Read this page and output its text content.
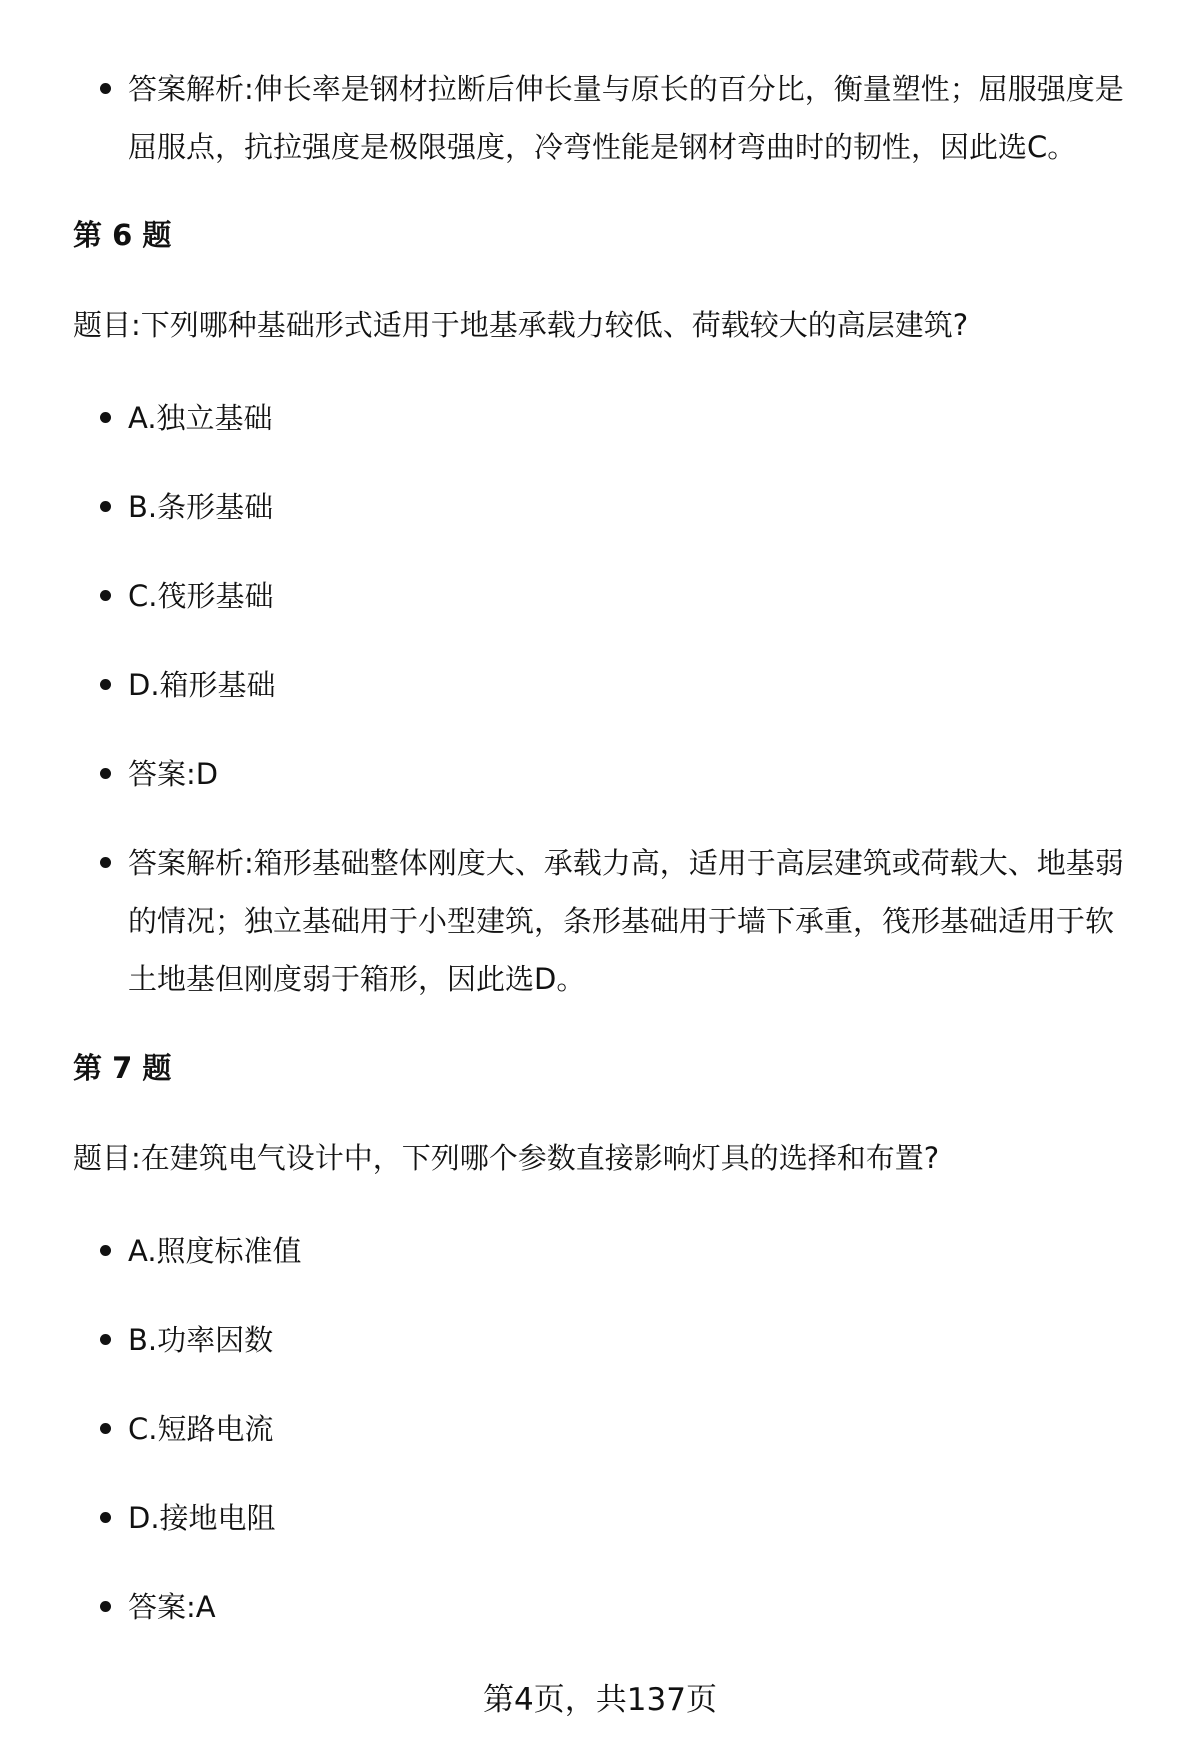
答案解析:伸长率是钢材拉断后伸长量与原长的百分比，衡量塑性；屈服强度是
屈服点，抗拉强度是极限强度，冷弯性能是钢材弯曲时的韧性，因此选C。
第 6 题
题目:下列哪种基础形式适用于地基承载力较低、荷载较大的高层建筑?
A.独立基础
B.条形基础
C.筏形基础
D.箱形基础
答案:D
答案解析:箱形基础整体刚度大、承载力高，适用于高层建筑或荷载大、地基弱
的情况；独立基础用于小型建筑，条形基础用于墙下承重，筏形基础适用于软
土地基但刚度弱于箱形，因此选D。
第 7 题
题目:在建筑电气设计中，下列哪个参数直接影响灯具的选择和布置?
A.照度标准值
B.功率因数
C.短路电流
D.接地电阻
答案:A
第4页，共137页
